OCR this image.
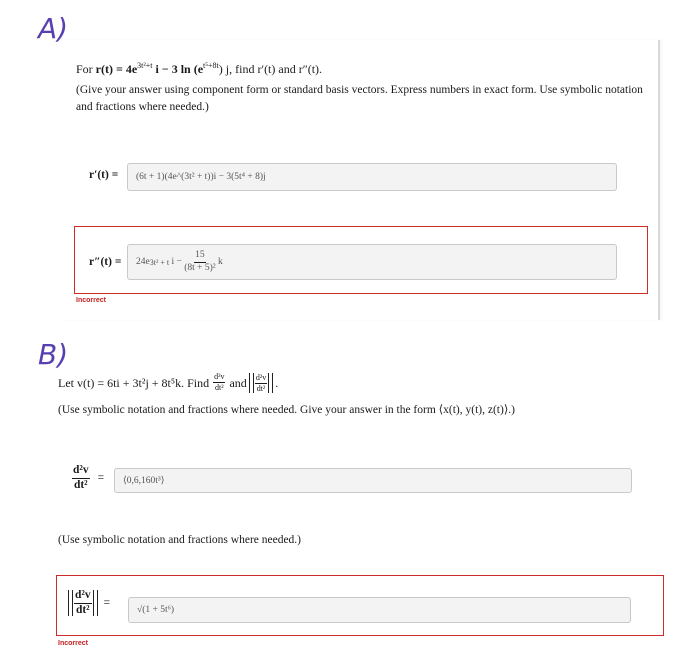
A)
For $r(t) = 4e^{3t^2+t}$ i − 3 $\ln (e^{t^5+8t})$ j, find r′(t) and r″(t).
(Give your answer using component form or standard basis vectors. Express numbers in exact form. Use symbolic notation and fractions where needed.)
r′(t) = (6t + 1)(4e^(3t² + t))i − 3(5t⁴ + 8)j
r″(t) = 24e 3t² + t
i −
$\frac{15}{\text{(8t + 5)²}}$
k
Incorrect
B)
Let v(t) = 6ti + 3t²j + 8t⁵k. Find $\frac{\text{d²v}}{\text{dt²}}$ and $\frac{\text{d²v}}{\text{dt²}}$ .
(Use symbolic notation and fractions where needed. Give your answer in the form ⟨x(t), y(t), z(t)⟩.)
$\frac{\text{d²v}}{\text{dt²}}$ = ⟨0,6,160t³⟩
(Use symbolic notation and fractions where needed.)
$\frac{\text{d²v}}{\text{dt²}}$ =
√(1 + 5t⁶)
Incorrect
